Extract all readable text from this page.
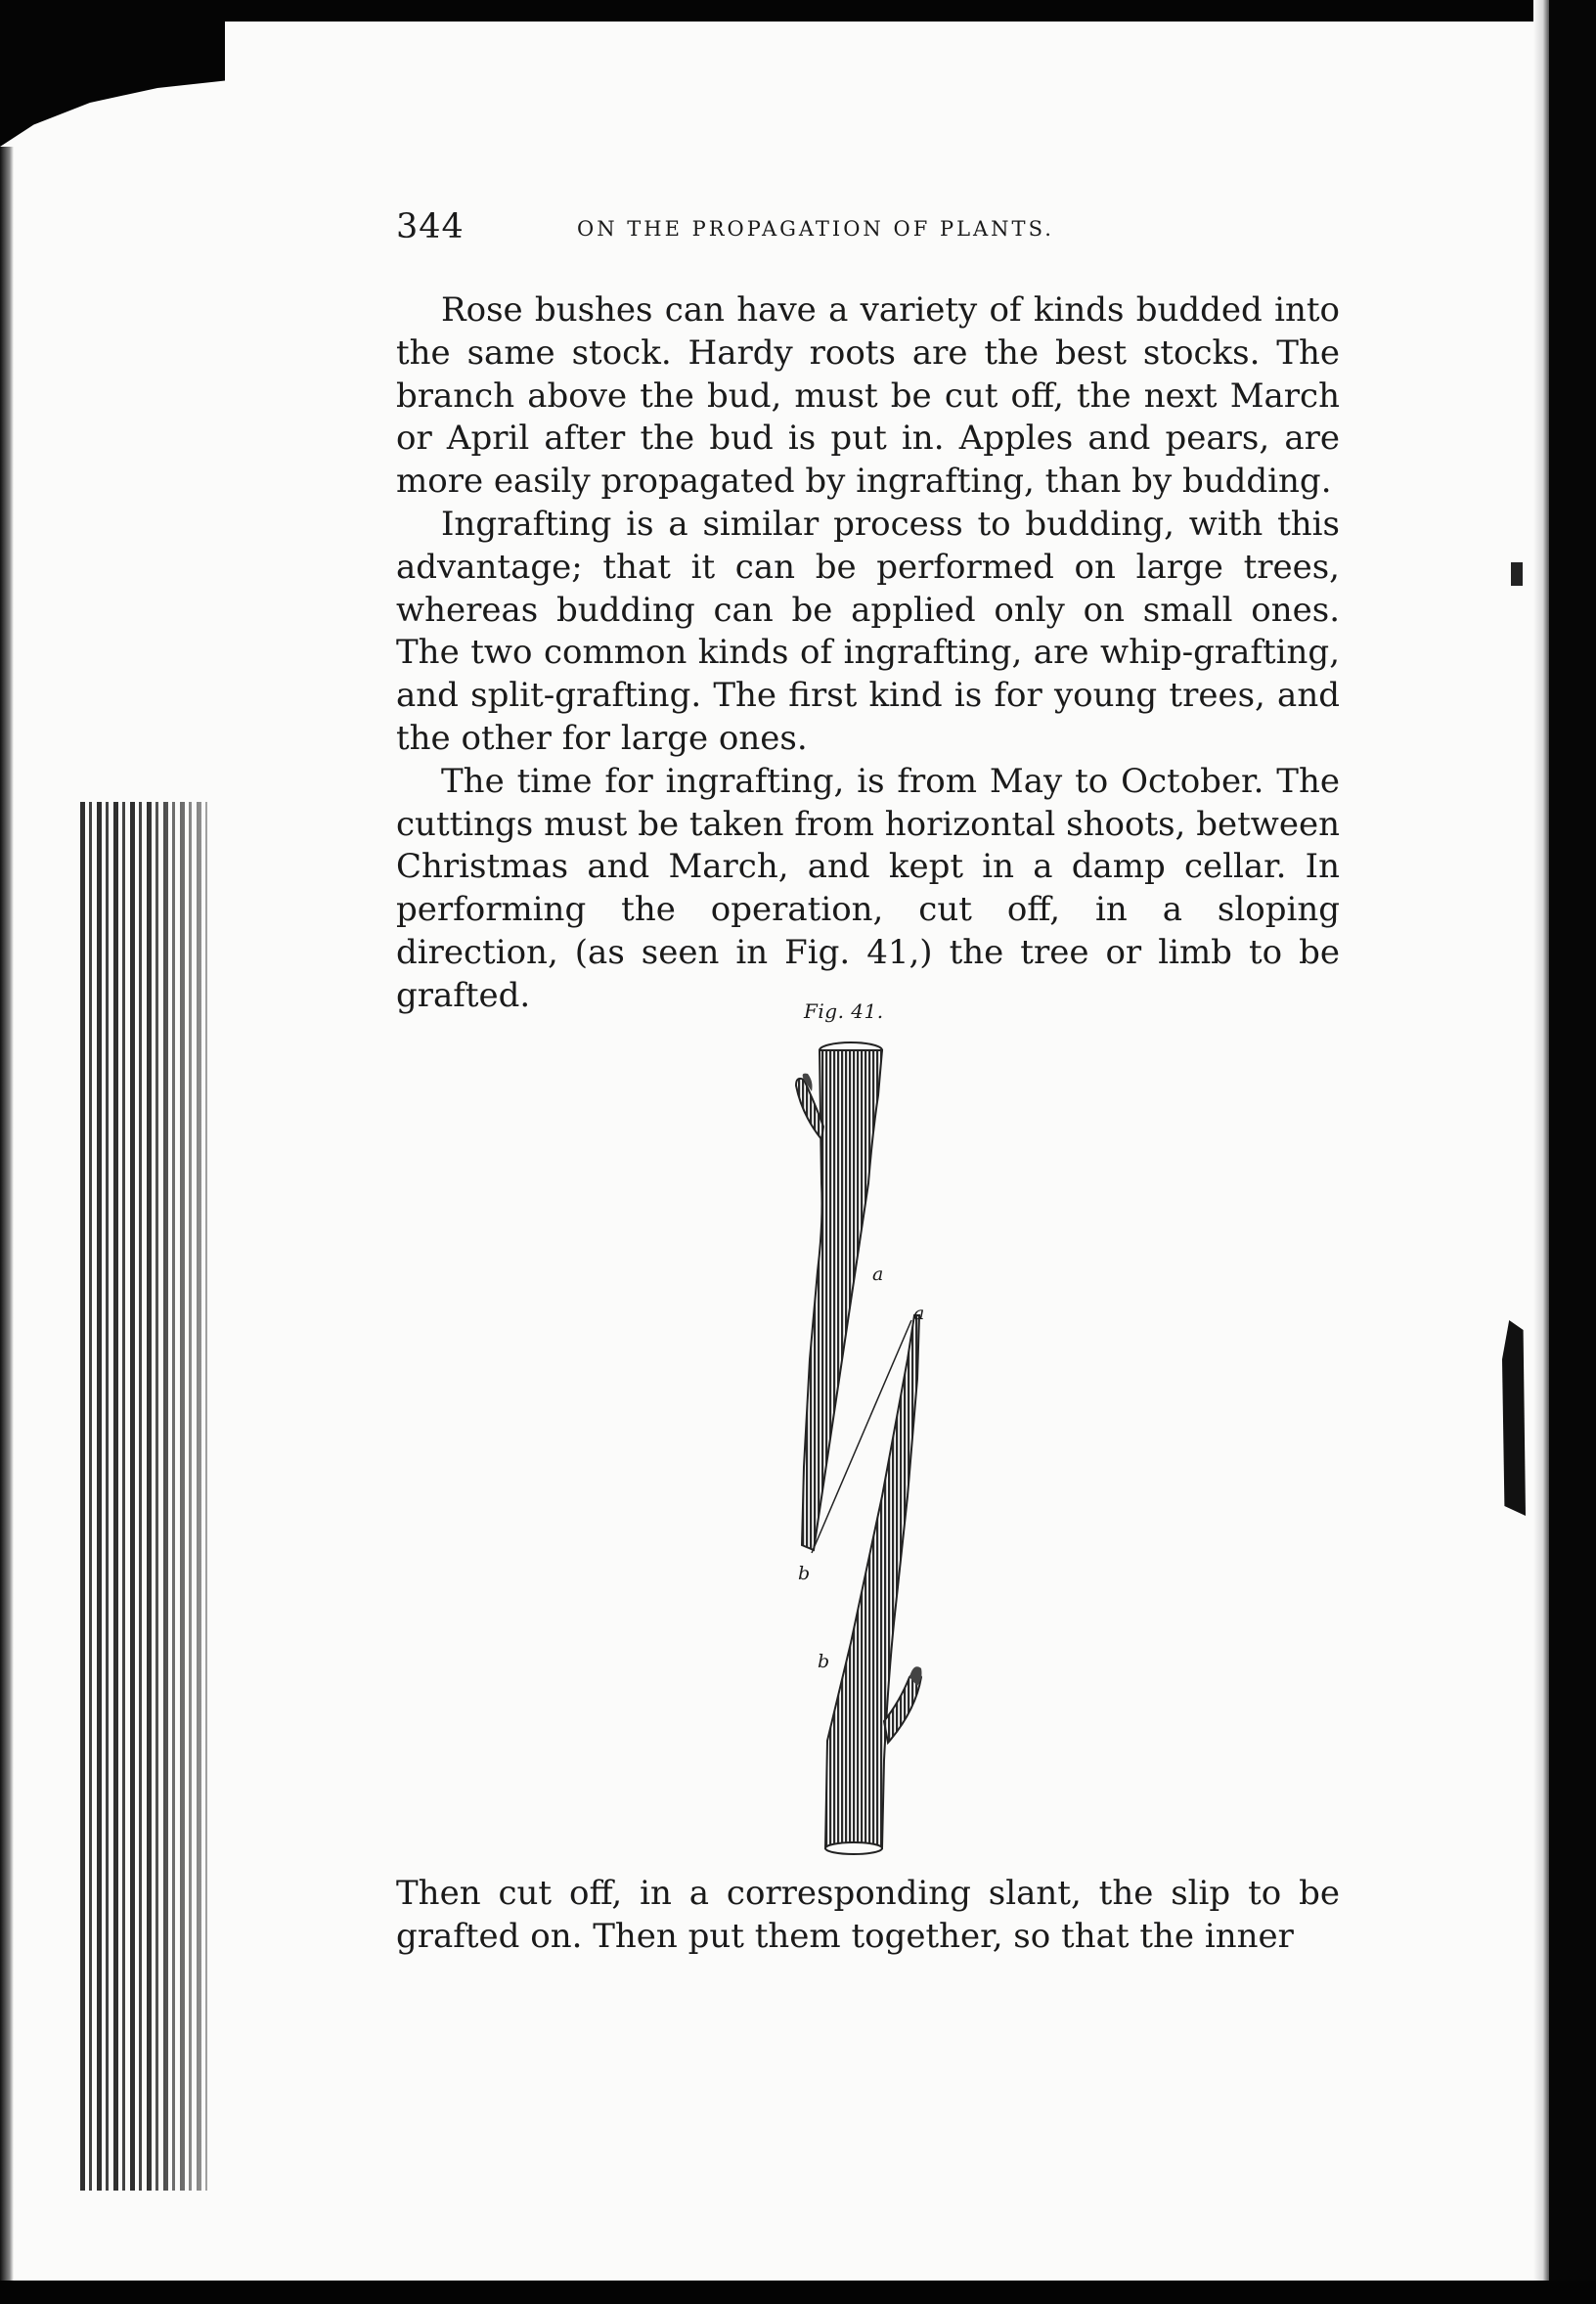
344	ON THE PROPAGATION OF PLANTS.

Rose bushes can have a variety of kinds budded into the same stock. Hardy roots are the best stocks. The branch above the bud, must be cut off, the next March or April after the bud is put in. Apples and pears, are more easily propagated by ingrafting, than by budding.

Ingrafting is a similar process to budding, with this advantage; that it can be performed on large trees, whereas budding can be applied only on small ones. The two common kinds of ingrafting, are whip-grafting, and split-grafting. The first kind is for young trees, and the other for large ones.

The time for ingrafting, is from May to October. The cuttings must be taken from horizontal shoots, between Christmas and March, and kept in a damp cellar. In performing the operation, cut off, in a sloping direction, (as seen in Fig. 41,) the tree or limb to be grafted.	Fig. 41.
a
a
b
b

Then cut off, in a corresponding slant, the slip to be grafted on. Then put them together, so that the inner
